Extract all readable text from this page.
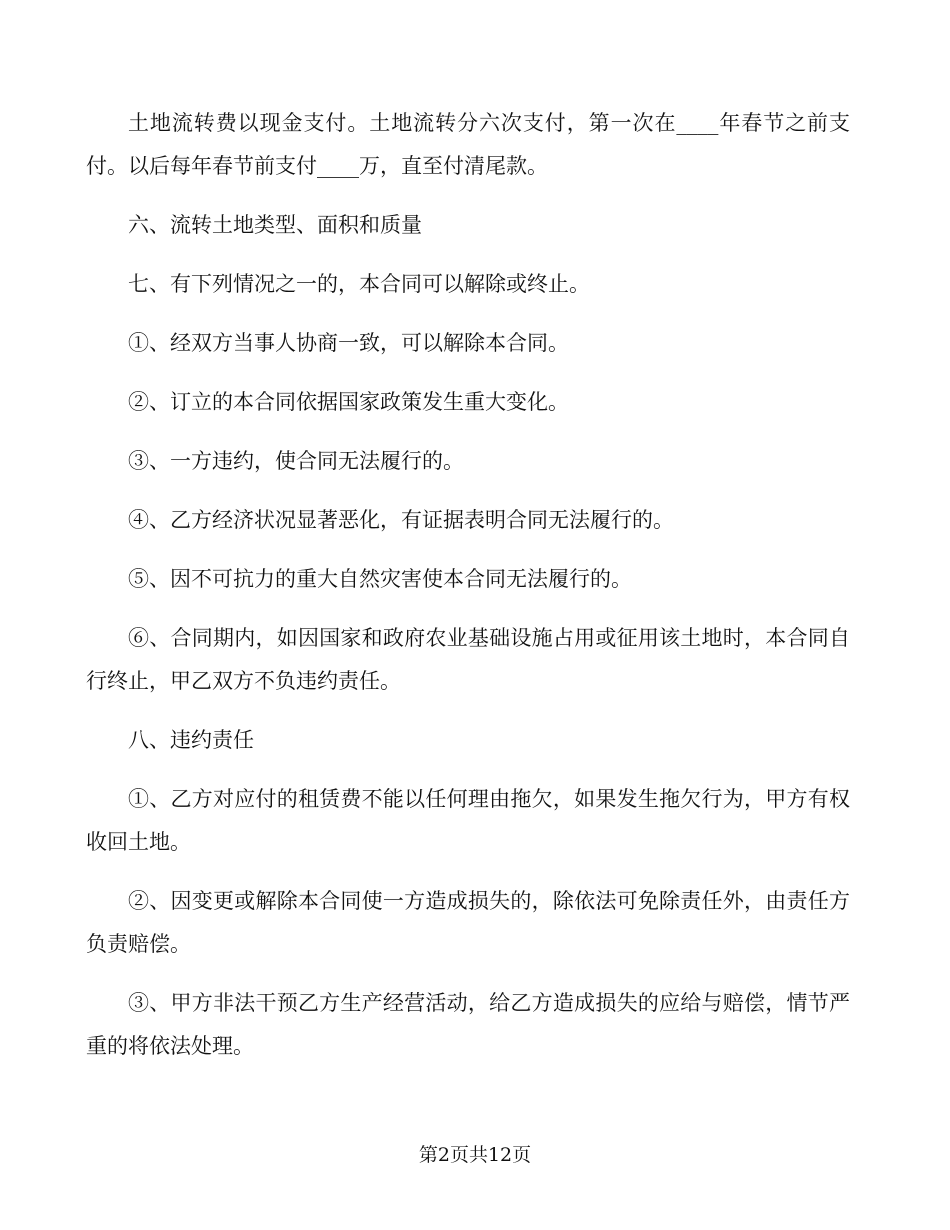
土地流转费以现金支付。土地流转分六次支付，第一次在____年春节之前支付。以后每年春节前支付____万，直至付清尾款。

六、流转土地类型、面积和质量

七、有下列情况之一的，本合同可以解除或终止。

①、经双方当事人协商一致，可以解除本合同。

②、订立的本合同依据国家政策发生重大变化。

③、一方违约，使合同无法履行的。

④、乙方经济状况显著恶化，有证据表明合同无法履行的。

⑤、因不可抗力的重大自然灾害使本合同无法履行的。

⑥、合同期内，如因国家和政府农业基础设施占用或征用该土地时，本合同自行终止，甲乙双方不负违约责任。

八、违约责任

①、乙方对应付的租赁费不能以任何理由拖欠，如果发生拖欠行为，甲方有权收回土地。

②、因变更或解除本合同使一方造成损失的，除依法可免除责任外，由责任方负责赔偿。

③、甲方非法干预乙方生产经营活动，给乙方造成损失的应给与赔偿，情节严重的将依法处理。

第2页共12页
